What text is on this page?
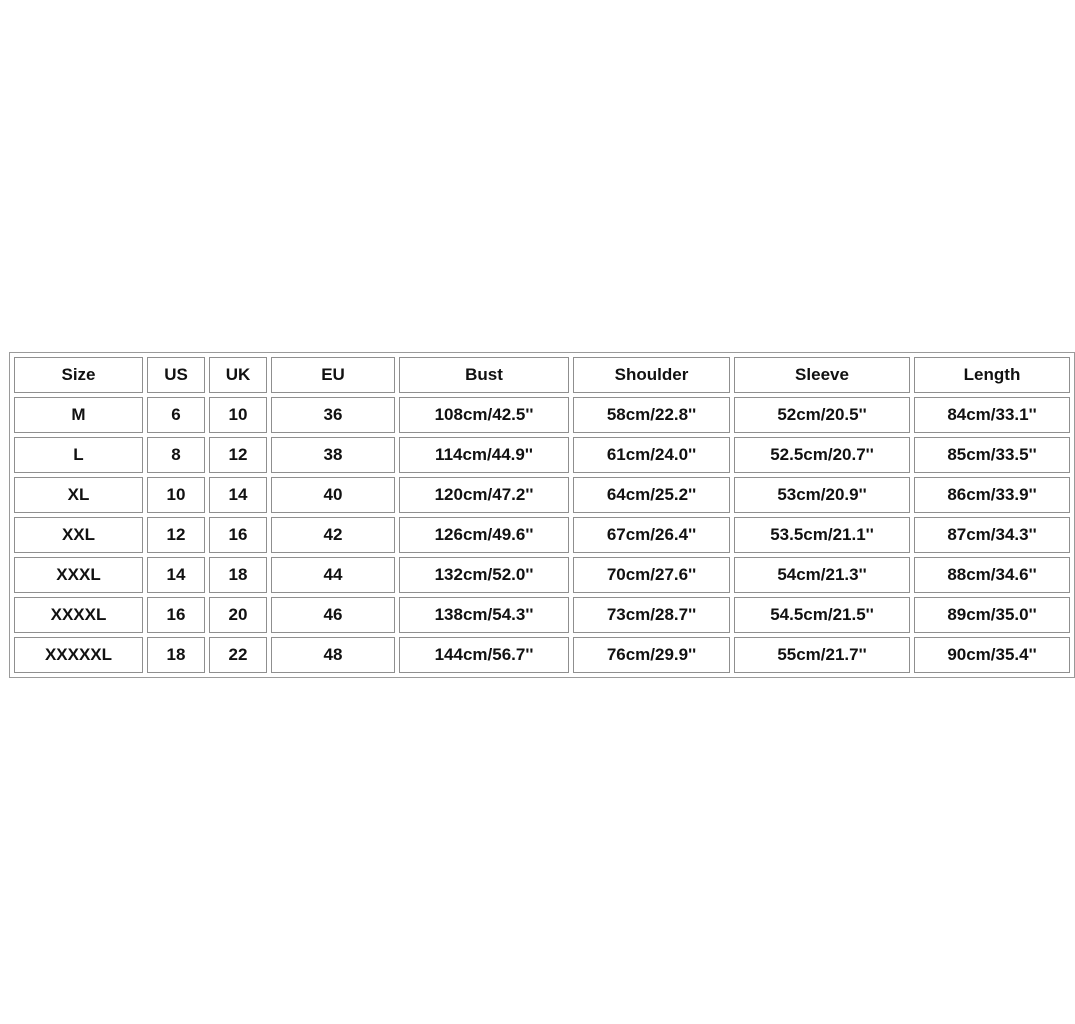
Size	US	UK	EU	Bust	Shoulder	Sleeve	Length
M	6	10	36	108cm/42.5''	58cm/22.8''	52cm/20.5''	84cm/33.1''
L	8	12	38	114cm/44.9''	61cm/24.0''	52.5cm/20.7''	85cm/33.5''
XL	10	14	40	120cm/47.2''	64cm/25.2''	53cm/20.9''	86cm/33.9''
XXL	12	16	42	126cm/49.6''	67cm/26.4''	53.5cm/21.1''	87cm/34.3''
XXXL	14	18	44	132cm/52.0''	70cm/27.6''	54cm/21.3''	88cm/34.6''
XXXXL	16	20	46	138cm/54.3''	73cm/28.7''	54.5cm/21.5''	89cm/35.0''
XXXXXL	18	22	48	144cm/56.7''	76cm/29.9''	55cm/21.7''	90cm/35.4''
